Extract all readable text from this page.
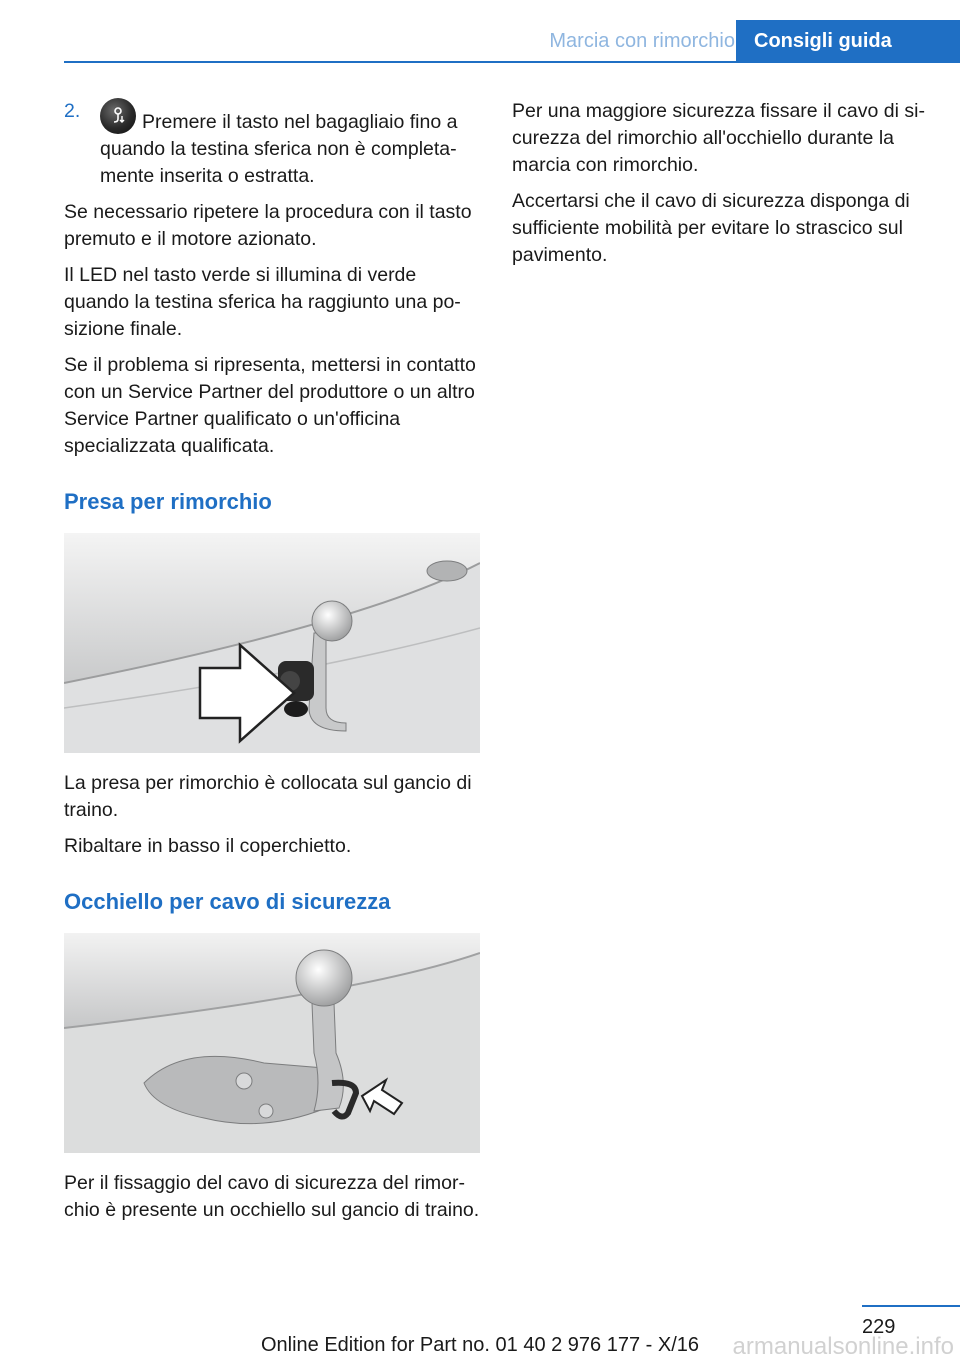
Marcia con rimorchio Consigli guida
2.	Premere il tasto nel bagagliaio fino a quando la testina sferica non è completamente inserita o estratta.

Se necessario ripetere la procedura con il tasto premuto e il motore azionato.

Il LED nel tasto verde si illumina di verde quando la testina sferica ha raggiunto una posizione finale.

Se il problema si ripresenta, mettersi in contatto con un Service Partner del produttore o un altro Service Partner qualificato o un'officina specializzata qualificata.

Presa per rimorchio

La presa per rimorchio è collocata sul gancio di traino.

Ribaltare in basso il coperchietto.

Occhiello per cavo di sicurezza

Per il fissaggio del cavo di sicurezza del rimorchio è presente un occhiello sul gancio di traino.

Per una maggiore sicurezza fissare il cavo di sicurezza del rimorchio all'occhiello durante la marcia con rimorchio.

Accertarsi che il cavo di sicurezza disponga di sufficiente mobilità per evitare lo strascico sul pavimento.

229
Online Edition for Part no. 01 40 2 976 177 - X/16	armanualsonline.info
